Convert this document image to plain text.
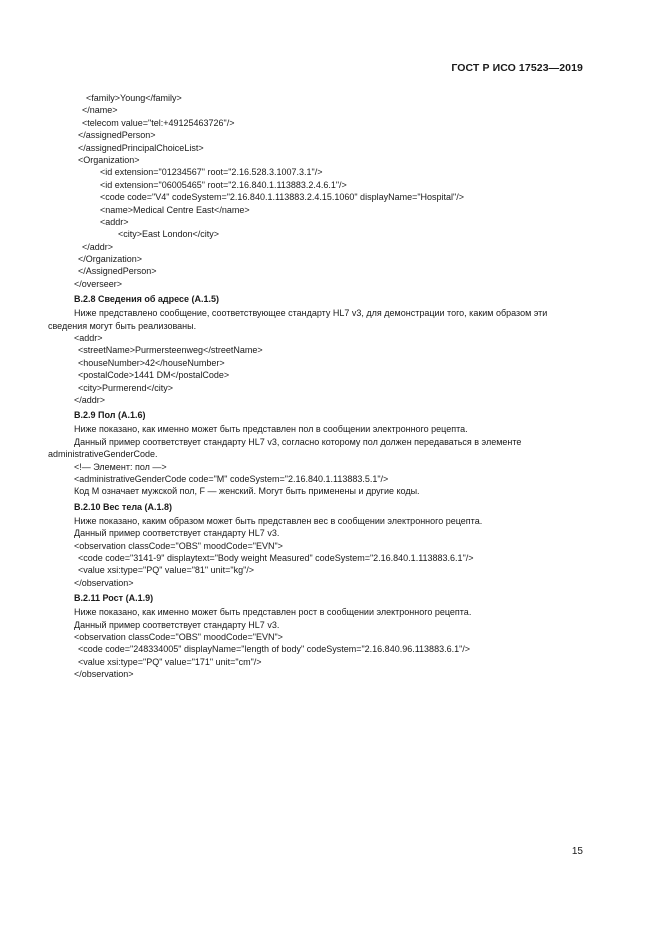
ГОСТ Р ИСО 17523—2019
<family>Young</family>
</name>
<telecom value="tel:+49125463726"/>
</assignedPerson>
</assignedPrincipalChoiceList>
<Organization>
<id extension="01234567" root="2.16.528.3.1007.3.1"/>
<id extension="06005465" root="2.16.840.1.113883.2.4.6.1"/>
<code code="V4" codeSystem="2.16.840.1.113883.2.4.15.1060" displayName="Hospital"/>
<name>Medical Centre East</name>
<addr>
<city>East London</city>
</addr>
</Organization>
</AssignedPerson>
</overseer>
В.2.8 Сведения об адресе (А.1.5)
Ниже представлено сообщение, соответствующее стандарту HL7 v3, для демонстрации того, каким образом эти сведения могут быть реализованы.
<addr>
<streetName>Purmersteenweg</streetName>
<houseNumber>42</houseNumber>
<postalCode>1441 DM</postalCode>
<city>Purmerend</city>
</addr>
В.2.9 Пол (А.1.6)
Ниже показано, как именно может быть представлен пол в сообщении электронного рецепта.
Данный пример соответствует стандарту HL7 v3, согласно которому пол должен передаваться в элементе administrativeGenderCode.
<!— Элемент: пол —>
<administrativeGenderCode code="M" codeSystem="2.16.840.1.113883.5.1"/>
Код M означает мужской пол, F — женский. Могут быть применены и другие коды.
В.2.10 Вес тела (А.1.8)
Ниже показано, каким образом может быть представлен вес в сообщении электронного рецепта.
Данный пример соответствует стандарту HL7 v3.
<observation classCode="OBS" moodCode="EVN">
<code code="3141-9" displaytext="Body weight Measured" codeSystem="2.16.840.1.113883.6.1"/>
<value xsi:type="PQ" value="81" unit="kg"/>
</observation>
В.2.11 Рост (А.1.9)
Ниже показано, как именно может быть представлен рост в сообщении электронного рецепта.
Данный пример соответствует стандарту HL7 v3.
<observation classCode="OBS" moodCode="EVN">
<code code="248334005" displayName="length of body" codeSystem="2.16.840.96.113883.6.1"/>
<value xsi:type="PQ" value="171" unit="cm"/>
</observation>
15
